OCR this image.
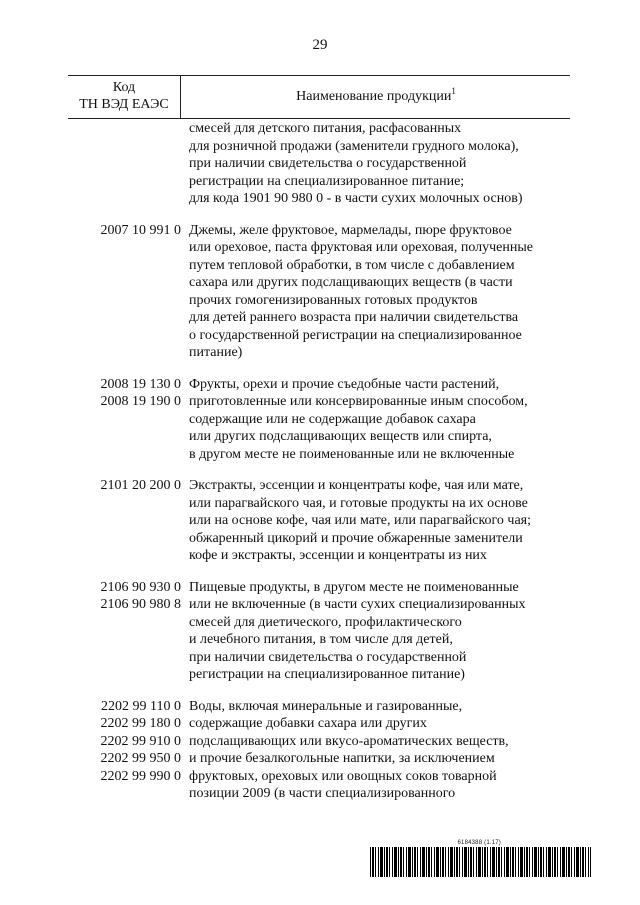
29
Код
ТН ВЭД ЕАЭС
Наименование продукции$^1$
смесей для детского питания, расфасованных
для розничной продажи (заменители грудного молока),
при наличии свидетельства о государственной
регистрации на специализированное питание;
для кода 1901 90 980 0 - в части сухих молочных основ)
2007 10 991 0 Джемы, желе фруктовое, мармелады, пюре фруктовое
или ореховое, паста фруктовая или ореховая, полученные
путем тепловой обработки, в том числе с добавлением
сахара или других подслащивающих веществ (в части
прочих гомогенизированных готовых продуктов
для детей раннего возраста при наличии свидетельства
о государственной регистрации на специализированное
питание)
2008 19 130 0
2008 19 190 0
Фрукты, орехи и прочие съедобные части растений,
приготовленные или консервированные иным способом,
содержащие или не содержащие добавок сахара
или других подслащивающих веществ или спирта,
в другом месте не поименованные или не включенные
2101 20 200 0 Экстракты, эссенции и концентраты кофе, чая или мате,
или парагвайского чая, и готовые продукты на их основе
или на основе кофе, чая или мате, или парагвайского чая;
обжаренный цикорий и прочие обжаренные заменители
кофе и экстракты, эссенции и концентраты из них
2106 90 930 0
2106 90 980 8
Пищевые продукты, в другом месте не поименованные
или не включенные (в части сухих специализированных
смесей для диетического, профилактического
и лечебного питания, в том числе для детей,
при наличии свидетельства о государственной
регистрации на специализированное питание)
2202 99 110 0
2202 99 180 0
2202 99 910 0
2202 99 950 0
2202 99 990 0
Воды, включая минеральные и газированные,
содержащие добавки сахара или других
подслащивающих или вкусо-ароматических веществ,
и прочие безалкогольные напитки, за исключением
фруктовых, ореховых или овощных соков товарной
позиции 2009 (в части специализированного
6184388 (1.17)
